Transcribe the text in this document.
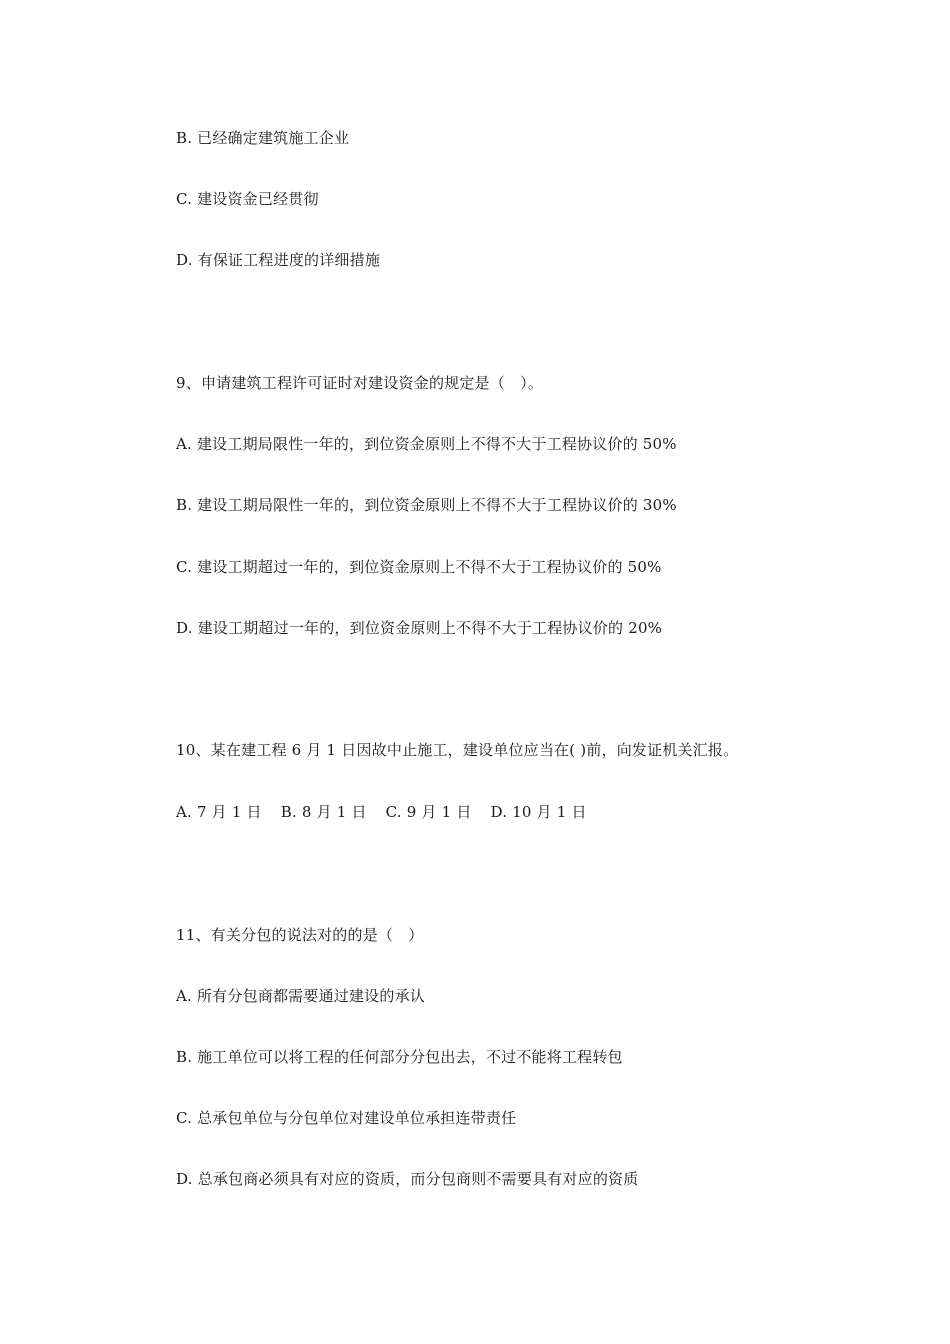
B. 已经确定建筑施工企业
C. 建设资金已经贯彻
D. 有保证工程进度的详细措施
9、申请建筑工程许可证时对建设资金的规定是（　）。
A. 建设工期局限性一年的，到位资金原则上不得不大于工程协议价的 50%
B. 建设工期局限性一年的，到位资金原则上不得不大于工程协议价的 30%
C. 建设工期超过一年的，到位资金原则上不得不大于工程协议价的 50%
D. 建设工期超过一年的，到位资金原则上不得不大于工程协议价的 20%
10、某在建工程 6 月 1 日因故中止施工，建设单位应当在( )前，向发证机关汇报。
A. 7 月 1 日 B. 8 月 1 日 C. 9 月 1 日 D. 10 月 1 日
11、有关分包的说法对的的是（　）
A. 所有分包商都需要通过建设的承认
B. 施工单位可以将工程的任何部分分包出去，不过不能将工程转包
C. 总承包单位与分包单位对建设单位承担连带责任
D. 总承包商必须具有对应的资质，而分包商则不需要具有对应的资质
